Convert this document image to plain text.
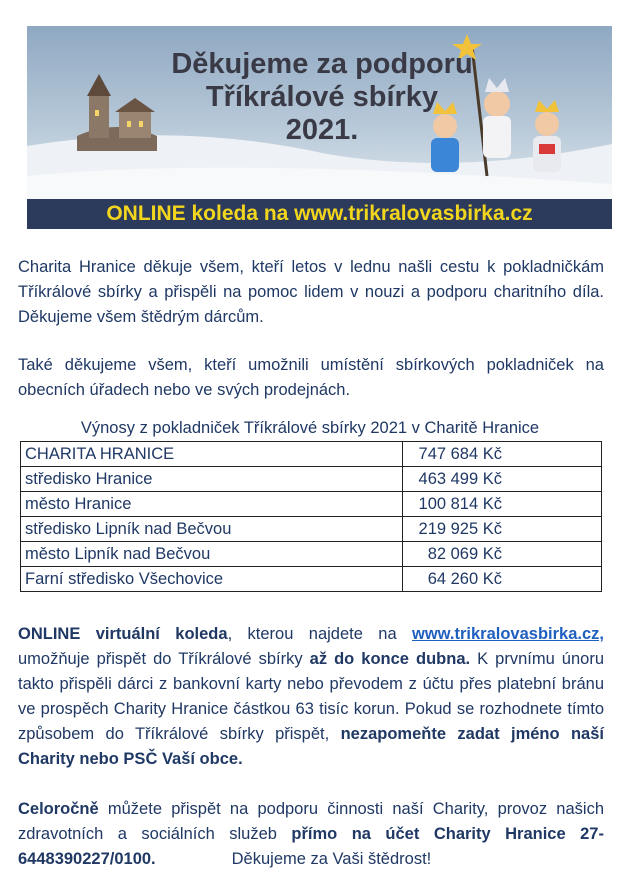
Děkujeme za podporu
Tříkrálové sbírky
2021.
ONLINE koleda na www.trikralovasbirka.cz

Charita Hranice děkuje všem, kteří letos v lednu našli cestu k pokladničkám Tříkrálové sbírky a přispěli na pomoc lidem v nouzi a podporu charitního díla. Děkujeme všem štědrým dárcům.

Také děkujeme všem, kteří umožnili umístění sbírkových pokladniček na obecních úřadech nebo ve svých prodejnách.

Výnosy z pokladniček Tříkrálové sbírky 2021 v Charitě Hranice
CHARITA HRANICE	747 684 Kč
středisko Hranice	463 499 Kč
město Hranice	100 814 Kč
středisko Lipník nad Bečvou	219 925 Kč
město Lipník nad Bečvou	82 069 Kč
Farní středisko Všechovice	64 260 Kč

ONLINE virtuální koleda, kterou najdete na www.trikralovasbirka.cz, umožňuje přispět do Tříkrálové sbírky až do konce dubna. K prvnímu únoru takto přispěli dárci z bankovní karty nebo převodem z účtu přes platební bránu ve prospěch Charity Hranice částkou 63 tisíc korun. Pokud se rozhodnete tímto způsobem do Tříkrálové sbírky přispět, nezapomeňte zadat jméno naší Charity nebo PSČ Vaší obce.

Celoročně můžete přispět na podporu činnosti naší Charity, provoz našich zdravotních a sociálních služeb přímo na účet Charity Hranice 27-6448390227/0100.	Děkujeme za Vaši štědrost!
